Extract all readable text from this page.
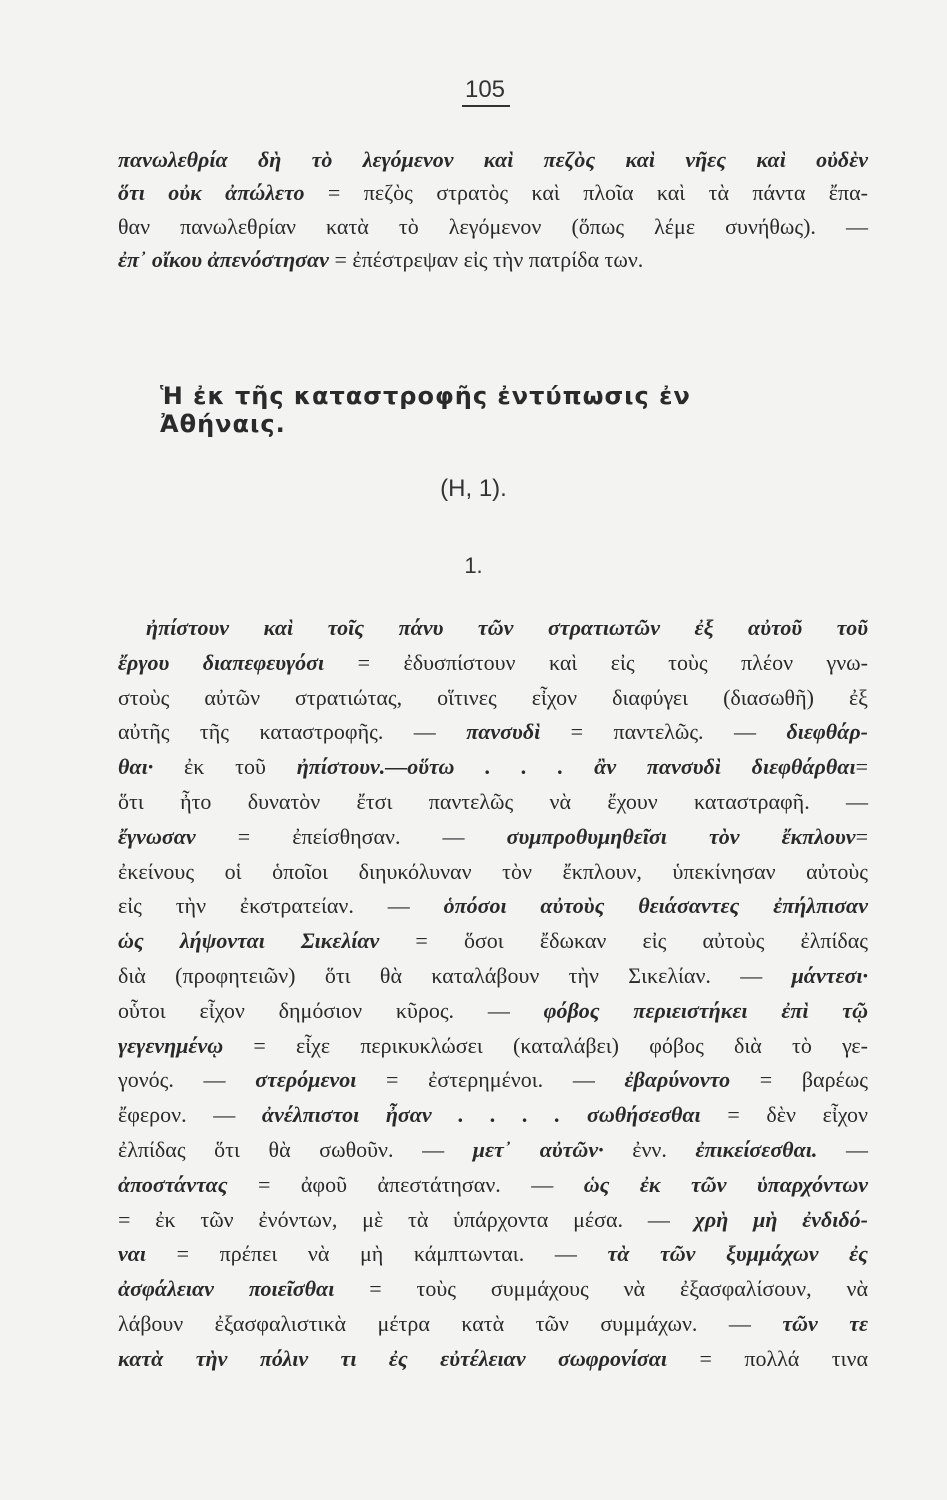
105
πανωλεθρία δὴ τὸ λεγόμενον καὶ πεζὸς καὶ νῆες καὶ οὐδὲν
ὅτι οὐκ ἀπώλετο = πεζὸς στρατὸς καὶ πλοῖα καὶ τὰ πάντα ἔπα-
θαν πανωλεθρίαν κατὰ τὸ λεγόμενον (ὅπως λέμε συνήθως). —
ἐπ᾽ οἴκου ἀπενόστησαν = ἐπέστρεψαν εἰς τὴν πατρίδα των.
Ἡ ἐκ τῆς καταστροφῆς ἐντύπωσις ἐν Ἀθήναις.
(Η, 1).
1.
ἠπίστουν καὶ τοῖς πάνυ τῶν στρατιωτῶν ἐξ αὐτοῦ τοῦ
ἔργου διαπεφευγόσι = ἐδυσπίστουν καὶ εἰς τοὺς πλέον γνω-
στοὺς αὐτῶν στρατιώτας, οἵτινες εἶχον διαφύγει (διασωθῆ) ἐξ
αὐτῆς τῆς καταστροφῆς. — πανσυδὶ = παντελῶς. — διεφθάρ-
θαι· ἐκ τοῦ ἠπίστουν.—οὕτω . . . ἂν πανσυδὶ διεφθάρθαι=
ὅτι ἦτο δυνατὸν ἔτσι παντελῶς νὰ ἔχουν καταστραφῆ. —
ἔγνωσαν = ἐπείσθησαν. — συμπροθυμηθεῖσι τὸν ἔκπλουν=
ἐκείνους οἱ ὁποῖοι διηυκόλυναν τὸν ἔκπλουν, ὑπεκίνησαν αὐτοὺς
εἰς τὴν ἐκστρατείαν. — ὁπόσοι αὐτοὺς θειάσαντες ἐπήλπισαν
ὡς λήψονται Σικελίαν = ὅσοι ἔδωκαν εἰς αὐτοὺς ἐλπίδας
διὰ (προφητειῶν) ὅτι θὰ καταλάβουν τὴν Σικελίαν. — μάντεσι·
οὗτοι εἶχον δημόσιον κῦρος. — φόβος περιειστήκει ἐπὶ τῷ
γεγενημένῳ = εἶχε περικυκλώσει (καταλάβει) φόβος διὰ τὸ γε-
γονός. — στερόμενοι = ἐστερημένοι. — ἐβαρύνοντο = βαρέως
ἔφερον. — ἀνέλπιστοι ἦσαν . . . . σωθήσεσθαι = δὲν εἶχον
ἐλπίδας ὅτι θὰ σωθοῦν. — μετ᾽ αὐτῶν· ἐνν. ἐπικείσεσθαι. —
ἀποστάντας = ἀφοῦ ἀπεστάτησαν. — ὡς ἐκ τῶν ὑπαρχόντων
= ἐκ τῶν ἐνόντων, μὲ τὰ ὑπάρχοντα μέσα. — χρὴ μὴ ἐνδιδό-
ναι = πρέπει νὰ μὴ κάμπτωνται. — τὰ τῶν ξυμμάχων ἐς
ἀσφάλειαν ποιεῖσθαι = τοὺς συμμάχους νὰ ἐξασφαλίσουν, νὰ
λάβουν ἐξασφαλιστικὰ μέτρα κατὰ τῶν συμμάχων. — τῶν τε
κατὰ τὴν πόλιν τι ἐς εὐτέλειαν σωφρονίσαι = πολλά τινα
